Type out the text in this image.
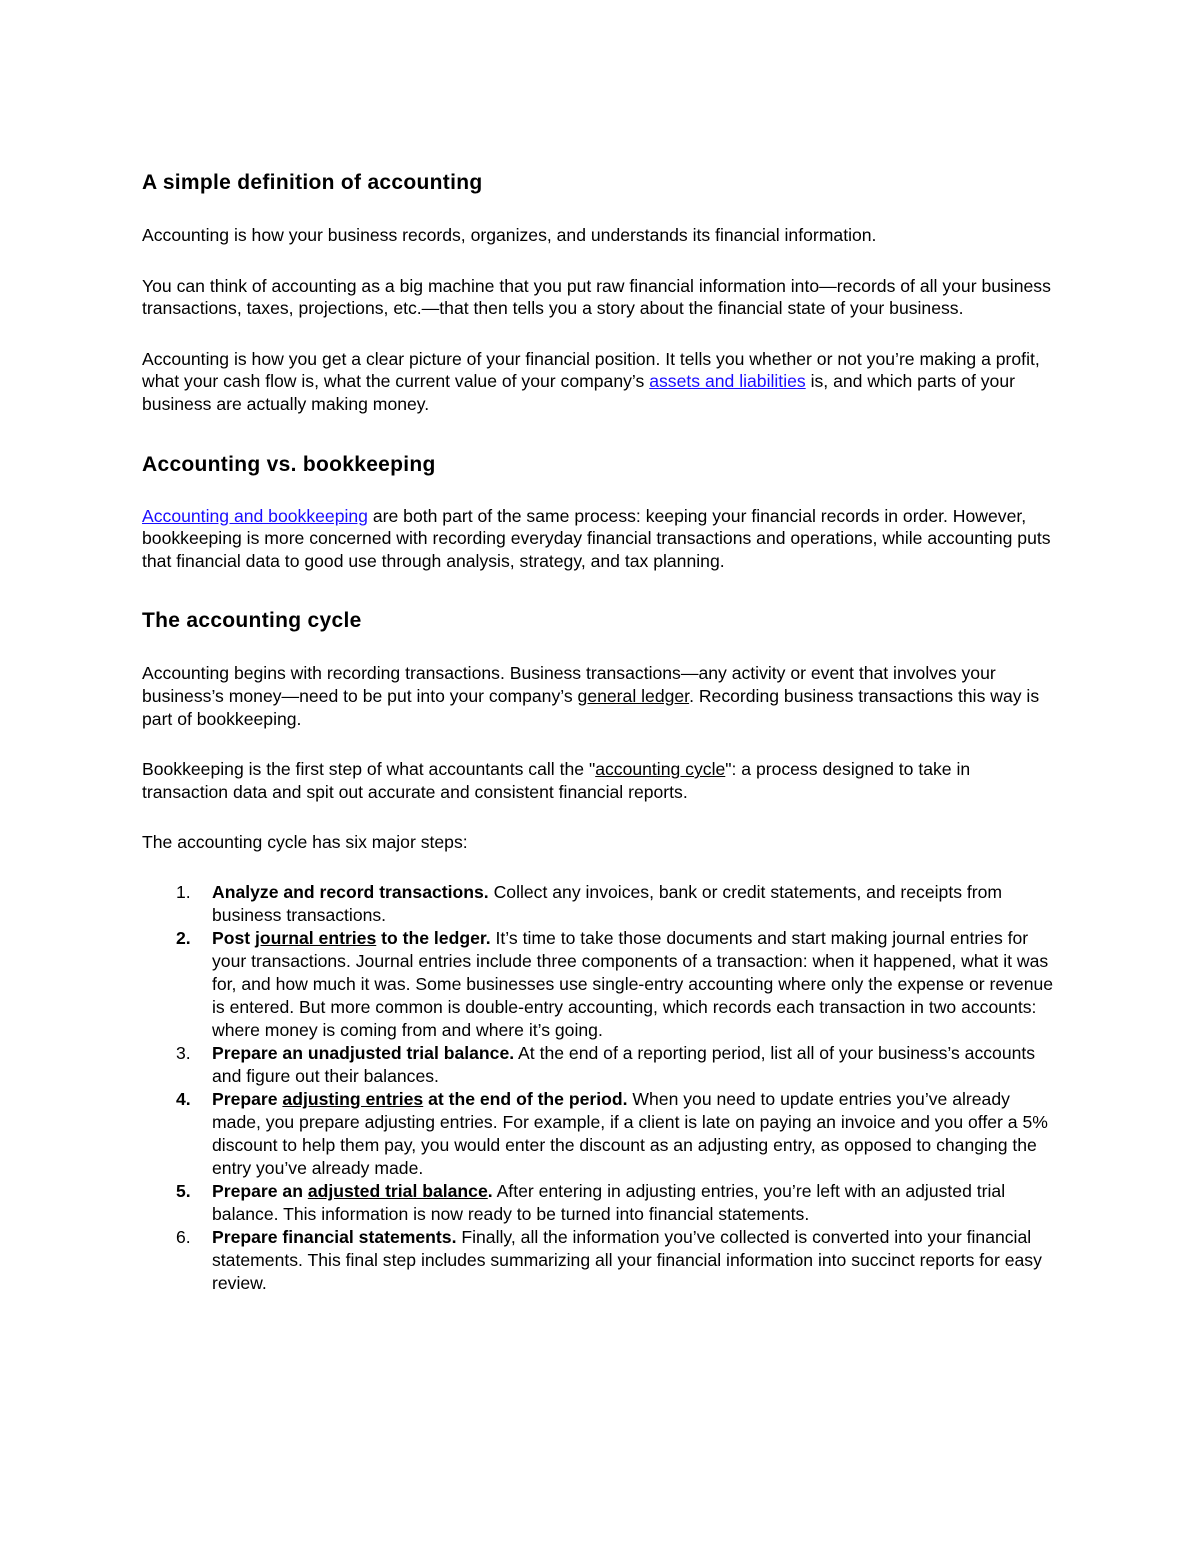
A simple definition of accounting

Accounting is how your business records, organizes, and understands its financial information.

You can think of accounting as a big machine that you put raw financial information into—records of all your business transactions, taxes, projections, etc.—that then tells you a story about the financial state of your business.

Accounting is how you get a clear picture of your financial position. It tells you whether or not you’re making a profit, what your cash flow is, what the current value of your company’s assets and liabilities is, and which parts of your business are actually making money.

Accounting vs. bookkeeping

Accounting and bookkeeping are both part of the same process: keeping your financial records in order. However, bookkeeping is more concerned with recording everyday financial transactions and operations, while accounting puts that financial data to good use through analysis, strategy, and tax planning.

The accounting cycle

Accounting begins with recording transactions. Business transactions—any activity or event that involves your business’s money—need to be put into your company’s general ledger. Recording business transactions this way is part of bookkeeping.

Bookkeeping is the first step of what accountants call the "accounting cycle": a process designed to take in transaction data and spit out accurate and consistent financial reports.

The accounting cycle has six major steps:

1.	Analyze and record transactions. Collect any invoices, bank or credit statements, and receipts from business transactions.
2.	Post journal entries to the ledger. It’s time to take those documents and start making journal entries for your transactions. Journal entries include three components of a transaction: when it happened, what it was for, and how much it was. Some businesses use single-entry accounting where only the expense or revenue is entered. But more common is double-entry accounting, which records each transaction in two accounts: where money is coming from and where it’s going.
3.	Prepare an unadjusted trial balance. At the end of a reporting period, list all of your business’s accounts and figure out their balances.
4.	Prepare adjusting entries at the end of the period. When you need to update entries you’ve already made, you prepare adjusting entries. For example, if a client is late on paying an invoice and you offer a 5% discount to help them pay, you would enter the discount as an adjusting entry, as opposed to changing the entry you’ve already made.
5.	Prepare an adjusted trial balance. After entering in adjusting entries, you’re left with an adjusted trial balance. This information is now ready to be turned into financial statements.
6.	Prepare financial statements. Finally, all the information you’ve collected is converted into your financial statements. This final step includes summarizing all your financial information into succinct reports for easy review.
